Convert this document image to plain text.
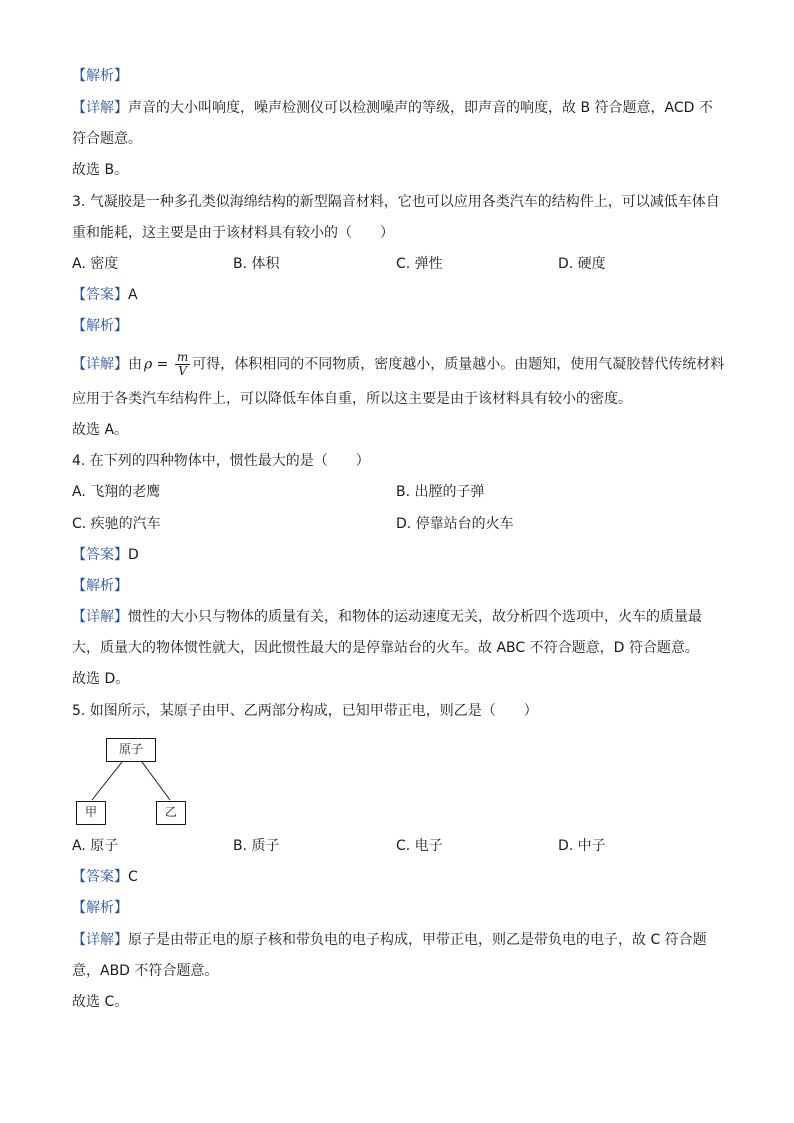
【解析】
【详解】声音的大小叫响度，噪声检测仪可以检测噪声的等级，即声音的响度，故 B 符合题意，ACD 不
符合题意。
故选 B。
3. 气凝胶是一种多孔类似海绵结构的新型隔音材料，它也可以应用各类汽车的结构件上，可以减低车体自
重和能耗，这主要是由于该材料具有较小的（　　）
A. 密度	B. 体积	C. 弹性	D. 硬度
【答案】A
【解析】
【详解】由 $\rho = \frac{m}{V}$ 可得，体积相同的不同物质，密度越小，质量越小。由题知，使用气凝胶替代传统材料
应用于各类汽车结构件上，可以降低车体自重，所以这主要是由于该材料具有较小的密度。
故选 A。
4. 在下列的四种物体中，惯性最大的是（　　）
A. 飞翔的老鹰	B. 出膛的子弹
C. 疾驰的汽车	D. 停靠站台的火车
【答案】D
【解析】
【详解】惯性的大小只与物体的质量有关，和物体的运动速度无关，故分析四个选项中，火车的质量最
大，质量大的物体惯性就大，因此惯性最大的是停靠站台的火车。故 ABC 不符合题意，D 符合题意。
故选 D。
5. 如图所示，某原子由甲、乙两部分构成，已知甲带正电，则乙是（　　）
原子
甲	乙
A. 原子	B. 质子	C. 电子	D. 中子
【答案】C
【解析】
【详解】原子是由带正电的原子核和带负电的电子构成，甲带正电，则乙是带负电的电子，故 C 符合题
意，ABD 不符合题意。
故选 C。
